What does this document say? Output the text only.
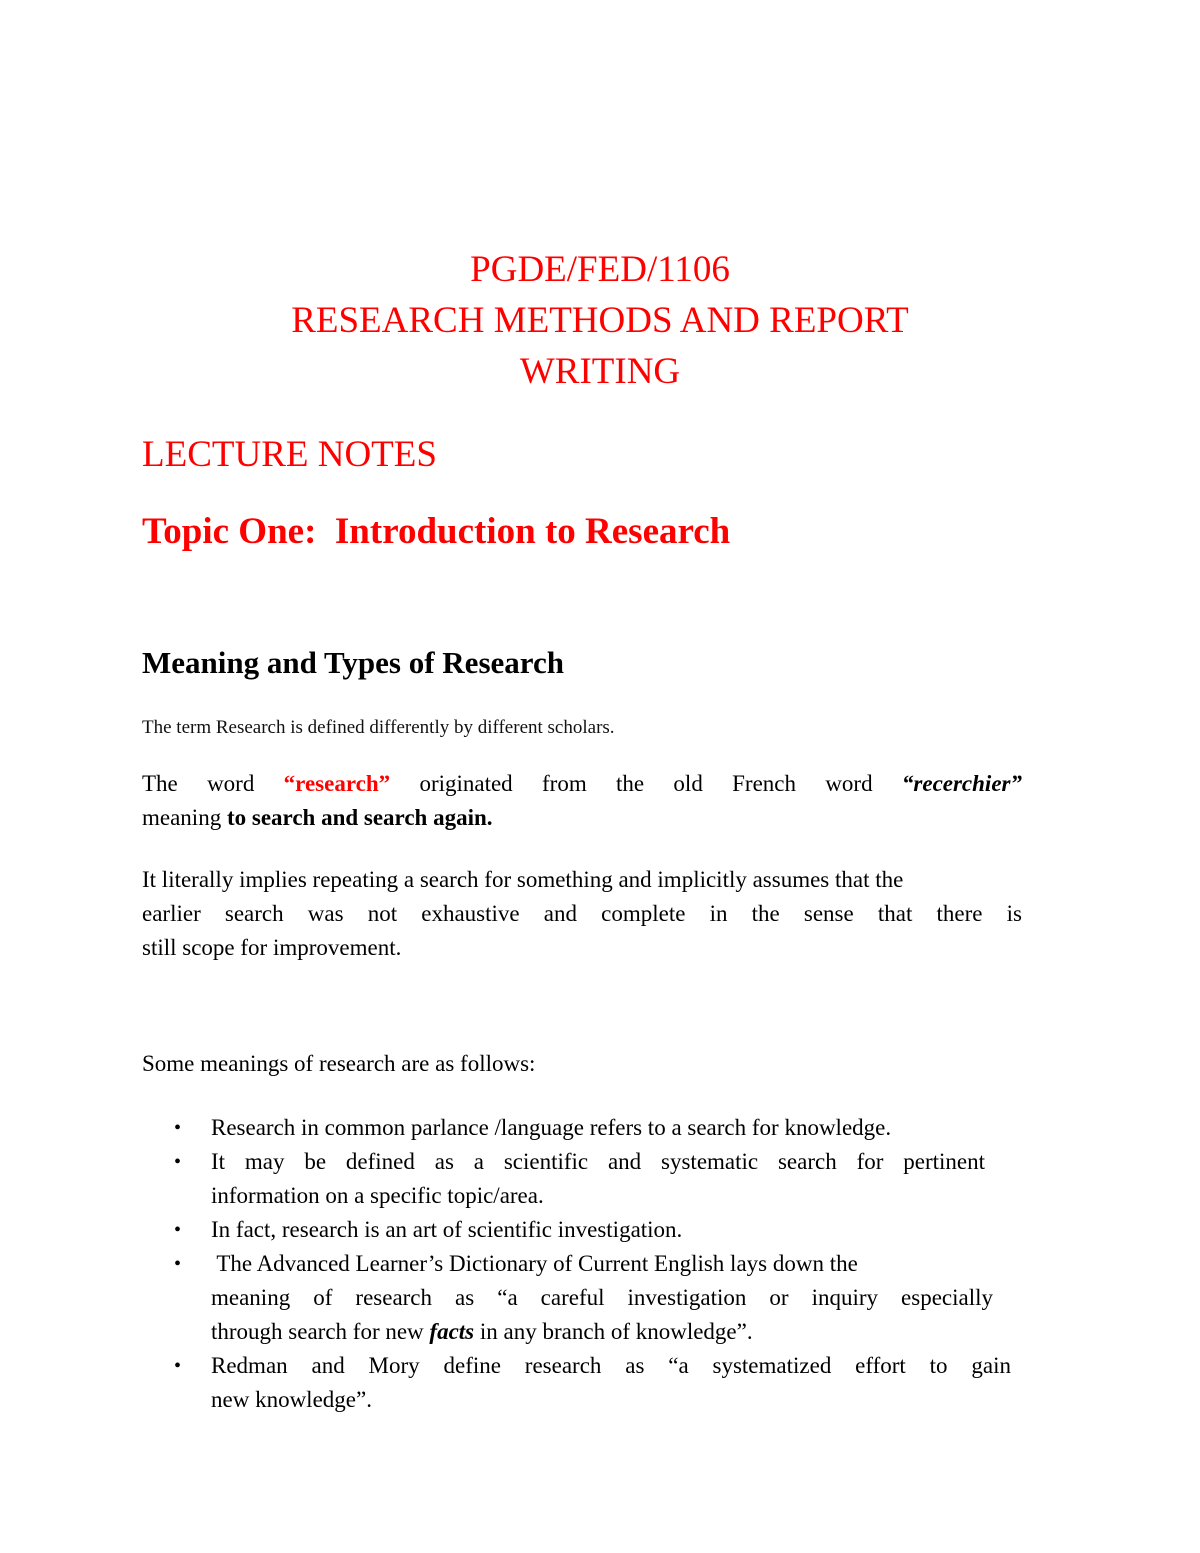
PGDE/FED/1106
RESEARCH METHODS AND REPORT
WRITING
LECTURE NOTES
Topic One:  Introduction to Research
Meaning and Types of Research
The term Research is defined differently by different scholars.
The word “research” originated from the old French word “recerchier”
meaning to search and search again.
It literally implies repeating a search for something and implicitly assumes that the
earlier search was not exhaustive and complete in the sense that there is
still scope for improvement.
Some meanings of research are as follows:
• Research in common parlance /language refers to a search for knowledge.
• It may be defined as a scientific and systematic search for pertinent
information on a specific topic/area.
• In fact, research is an art of scientific investigation.
• The Advanced Learner’s Dictionary of Current English lays down the
meaning of research as “a careful investigation or inquiry especially
through search for new facts in any branch of knowledge”.
• Redman and Mory define research as “a systematized effort to gain
new knowledge”.
